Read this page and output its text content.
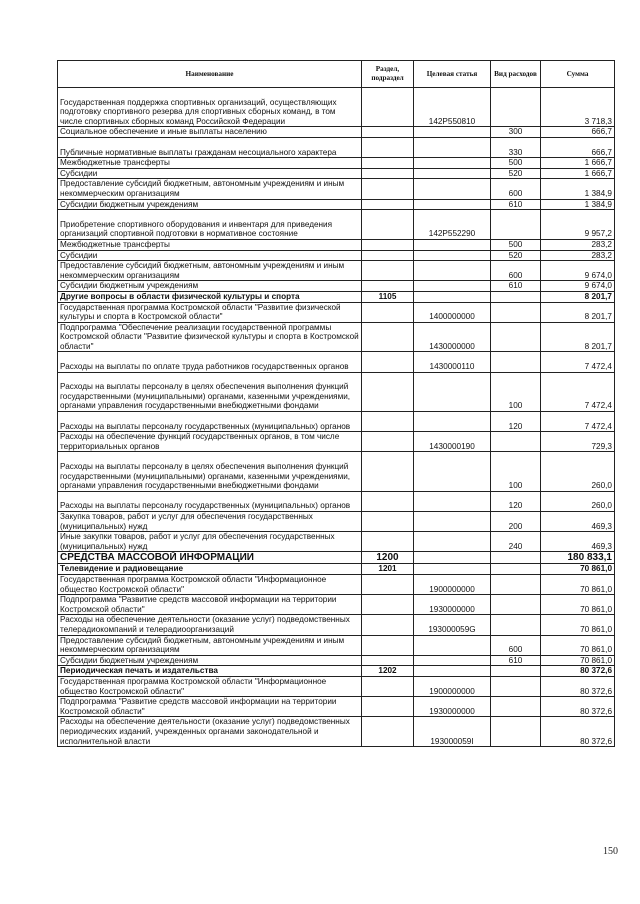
Наименование	Раздел, подраздел	Целевая статья	Вид расходов	Сумма
Государственная поддержка спортивных организаций, осуществляющих подготовку спортивного резерва для спортивных сборных команд, в том числе спортивных сборных команд Российской Федерации		142P550810		3 718,3
Социальное обеспечение и иные выплаты населению			300	666,7
Публичные нормативные выплаты гражданам несоциального характера			330	666,7
Межбюджетные трансферты			500	1 666,7
Субсидии			520	1 666,7
Предоставление субсидий бюджетным, автономным учреждениям и иным некоммерческим организациям			600	1 384,9
Субсидии бюджетным учреждениям			610	1 384,9
Приобретение спортивного оборудования и инвентаря для приведения организаций спортивной подготовки в нормативное состояние		142P552290		9 957,2
Межбюджетные трансферты			500	283,2
Субсидии			520	283,2
Предоставление субсидий бюджетным, автономным учреждениям и иным некоммерческим организациям			600	9 674,0
Субсидии бюджетным учреждениям			610	9 674,0
Другие вопросы в области физической культуры и спорта	1105			8 201,7
Государственная программа Костромской области "Развитие физической культуры и спорта в Костромской области"		1400000000		8 201,7
Подпрограмма "Обеспечение реализации государственной программы Костромской области "Развитие физической культуры и спорта в Костромской области"		1430000000		8 201,7
Расходы на выплаты по оплате труда работников государственных органов		1430000110		7 472,4
Расходы на выплаты персоналу в целях обеспечения выполнения функций государственными (муниципальными) органами, казенными учреждениями, органами управления государственными внебюджетными фондами			100	7 472,4
Расходы на выплаты персоналу государственных (муниципальных) органов			120	7 472,4
Расходы на обеспечение функций государственных органов, в том числе территориальных органов		1430000190		729,3
Расходы на выплаты персоналу в целях обеспечения выполнения функций государственными (муниципальными) органами, казенными учреждениями, органами управления государственными внебюджетными фондами			100	260,0
Расходы на выплаты персоналу государственных (муниципальных) органов			120	260,0
Закупка товаров, работ и услуг для обеспечения государственных (муниципальных) нужд			200	469,3
Иные закупки товаров, работ и услуг для обеспечения государственных (муниципальных) нужд			240	469,3
СРЕДСТВА МАССОВОЙ ИНФОРМАЦИИ	1200			180 833,1
Телевидение и радиовещание	1201			70 861,0
Государственная программа Костромской области "Информационное общество Костромской области"		1900000000		70 861,0
Подпрограмма "Развитие средств массовой информации на территории Костромской области"		1930000000		70 861,0
Расходы на обеспечение деятельности (оказание услуг) подведомственных телерадиокомпаний и телерадиоорганизаций		193000059G		70 861,0
Предоставление субсидий бюджетным, автономным учреждениям и иным некоммерческим организациям			600	70 861,0
Субсидии бюджетным учреждениям			610	70 861,0
Периодическая печать и издательства	1202			80 372,6
Государственная программа Костромской области "Информационное общество Костромской области"		1900000000		80 372,6
Подпрограмма "Развитие средств массовой информации на территории Костромской области"		1930000000		80 372,6
Расходы на обеспечение деятельности (оказание услуг) подведомственных периодических изданий, учрежденных органами законодательной и исполнительной власти		193000059I		80 372,6
150
